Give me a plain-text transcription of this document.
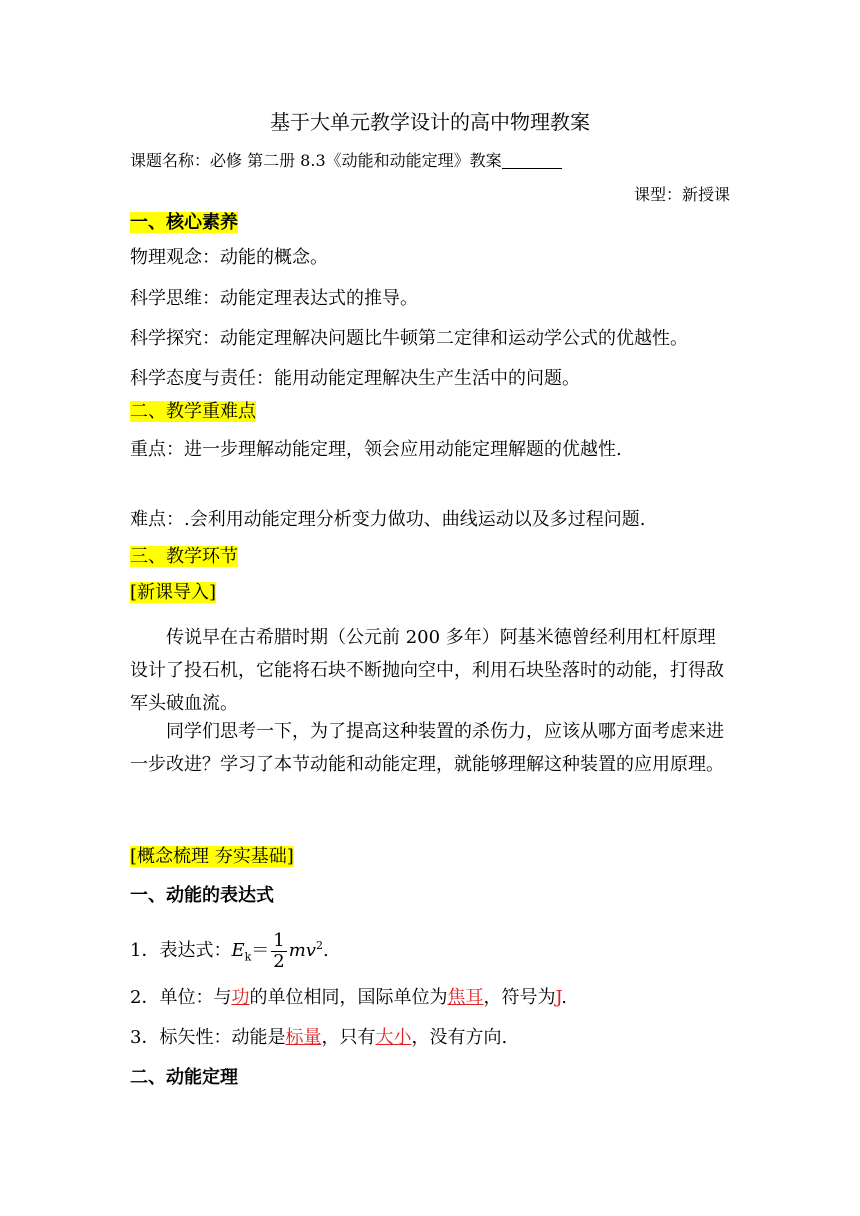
基于大单元教学设计的高中物理教案
课题名称：必修 第二册 8.3《动能和动能定理》教案
课型：新授课
一、核心素养
物理观念：动能的概念。
科学思维：动能定理表达式的推导。
科学探究：动能定理解决问题比牛顿第二定律和运动学公式的优越性。
科学态度与责任：能用动能定理解决生产生活中的问题。
二、教学重难点
重点：进一步理解动能定理，领会应用动能定理解题的优越性.
难点：.会利用动能定理分析变力做功、曲线运动以及多过程问题.
三、教学环节
[新课导入]
传说早在古希腊时期（公元前 200 多年）阿基米德曾经利用杠杆原理设计了投石机，它能将石块不断抛向空中，利用石块坠落时的动能，打得敌军头破血流。
同学们思考一下，为了提高这种装置的杀伤力，应该从哪方面考虑来进一步改进？学习了本节动能和动能定理，就能够理解这种装置的应用原理。
[概念梳理 夯实基础]
一、动能的表达式
1．表达式：$E_k= \frac{1}{2} mv^2$.
2．单位：与功的单位相同，国际单位为焦耳，符号为J.
3．标矢性：动能是标量，只有大小，没有方向.
二、动能定理
